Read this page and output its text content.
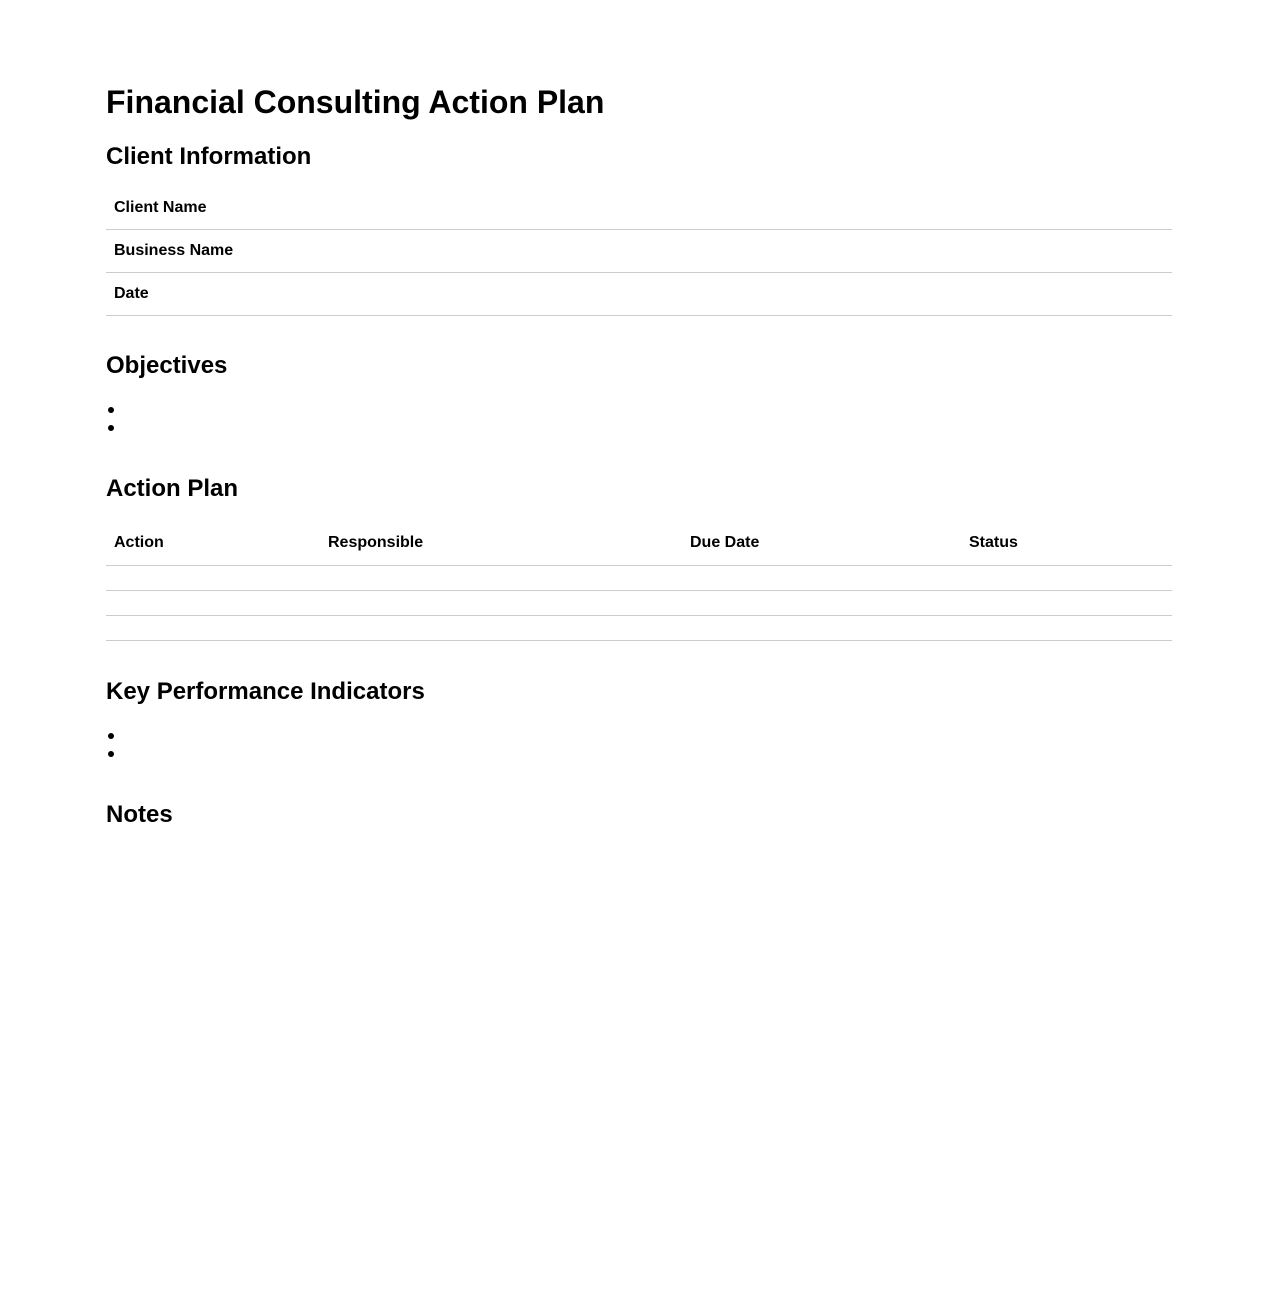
Financial Consulting Action Plan
Client Information
Client Name
Business Name
Date
Objectives
Action Plan
Action	Responsible	Due Date	Status

Key Performance Indicators
Notes
